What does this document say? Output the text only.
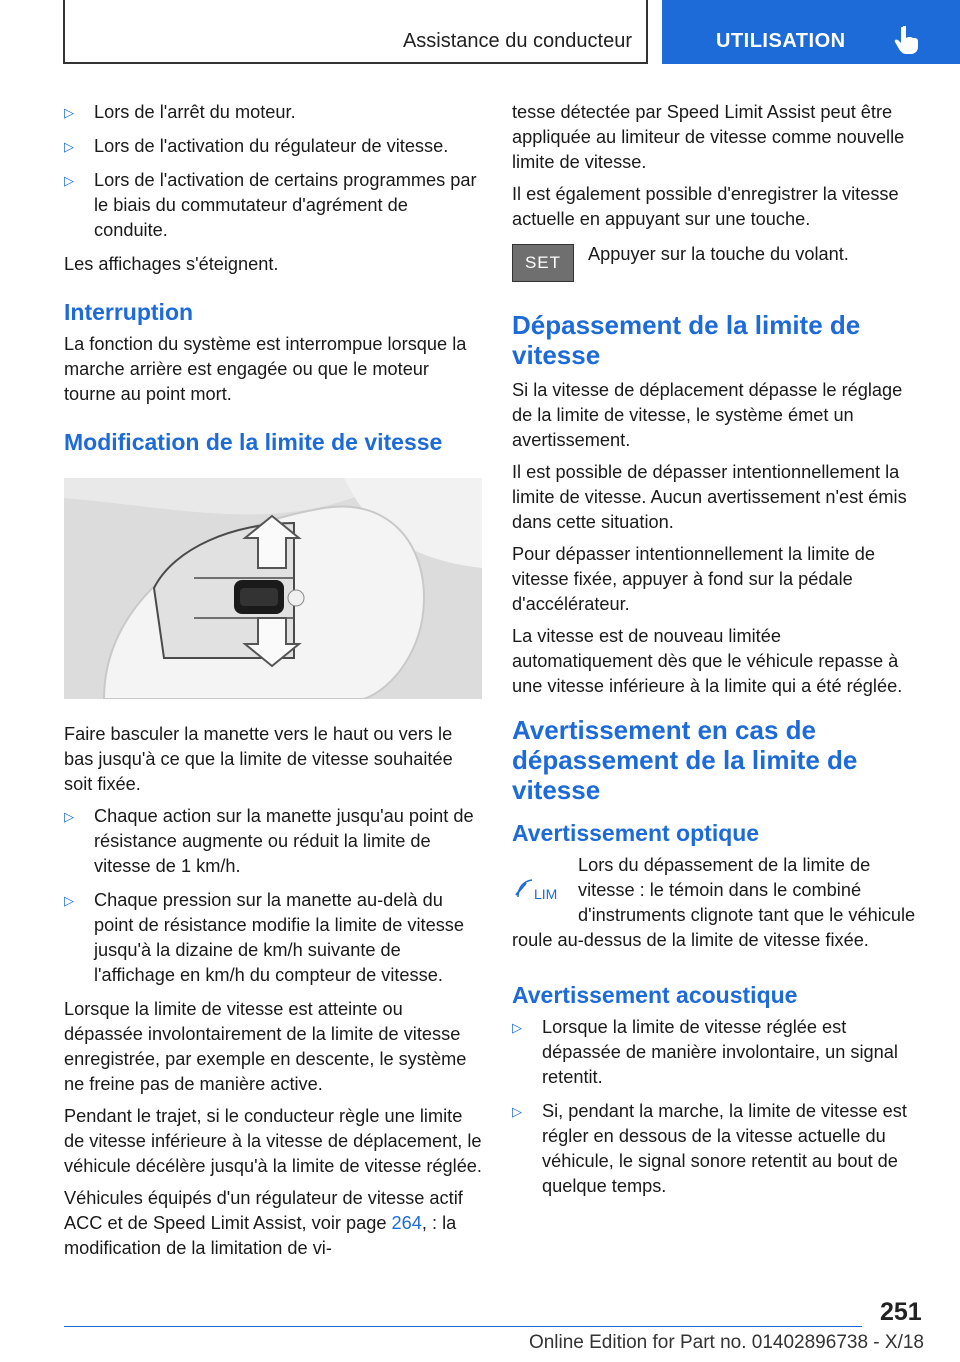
Assistance du conducteur	UTILISATION
▷ Lors de l'arrêt du moteur.
▷ Lors de l'activation du régulateur de vitesse.
▷ Lors de l'activation de certains programmes par le biais du commutateur d'agrément de conduite.

Les affichages s'éteignent.

Interruption

La fonction du système est interrompue lorsque la marche arrière est engagée ou que le moteur tourne au point mort.

Modification de la limite de vitesse

Faire basculer la manette vers le haut ou vers le bas jusqu'à ce que la limite de vitesse souhaitée soit fixée.

▷ Chaque action sur la manette jusqu'au point de résistance augmente ou réduit la limite de vitesse de 1 km/h.
▷ Chaque pression sur la manette au-delà du point de résistance modifie la limite de vitesse jusqu'à la dizaine de km/h suivante de l'affichage en km/h du compteur de vitesse.

Lorsque la limite de vitesse est atteinte ou dépassée involontairement de la limite de vitesse enregistrée, par exemple en descente, le système ne freine pas de manière active.

Pendant le trajet, si le conducteur règle une limite de vitesse inférieure à la vitesse de déplacement, le véhicule décélère jusqu'à la limite de vitesse réglée.

Véhicules équipés d'un régulateur de vitesse actif ACC et de Speed Limit Assist, voir page 264, : la modification de la limitation de vi-

tesse détectée par Speed Limit Assist peut être appliquée au limiteur de vitesse comme nouvelle limite de vitesse.

Il est également possible d'enregistrer la vitesse actuelle en appuyant sur une touche.

SET	Appuyer sur la touche du volant.
Dépassement de la limite de vitesse

Si la vitesse de déplacement dépasse le réglage de la limite de vitesse, le système émet un avertissement.

Il est possible de dépasser intentionnellement la limite de vitesse. Aucun avertissement n'est émis dans cette situation.

Pour dépasser intentionnellement la limite de vitesse fixée, appuyer à fond sur la pédale d'accélérateur.

La vitesse est de nouveau limitée automatiquement dès que le véhicule repasse à une vitesse inférieure à la limite qui a été réglée.

Avertissement en cas de dépassement de la limite de vitesse
Avertissement optique
LIM

Lors du dépassement de la limite de vitesse : le témoin dans le combiné d'instruments clignote tant que le véhicule

roule au-dessus de la limite de vitesse fixée.

Avertissement acoustique
▷ Lorsque la limite de vitesse réglée est dépassée de manière involontaire, un signal retentit.
▷ Si, pendant la marche, la limite de vitesse est régler en dessous de la vitesse actuelle du véhicule, le signal sonore retentit au bout de quelque temps.
251
Online Edition for Part no. 01402896738 - X/18
